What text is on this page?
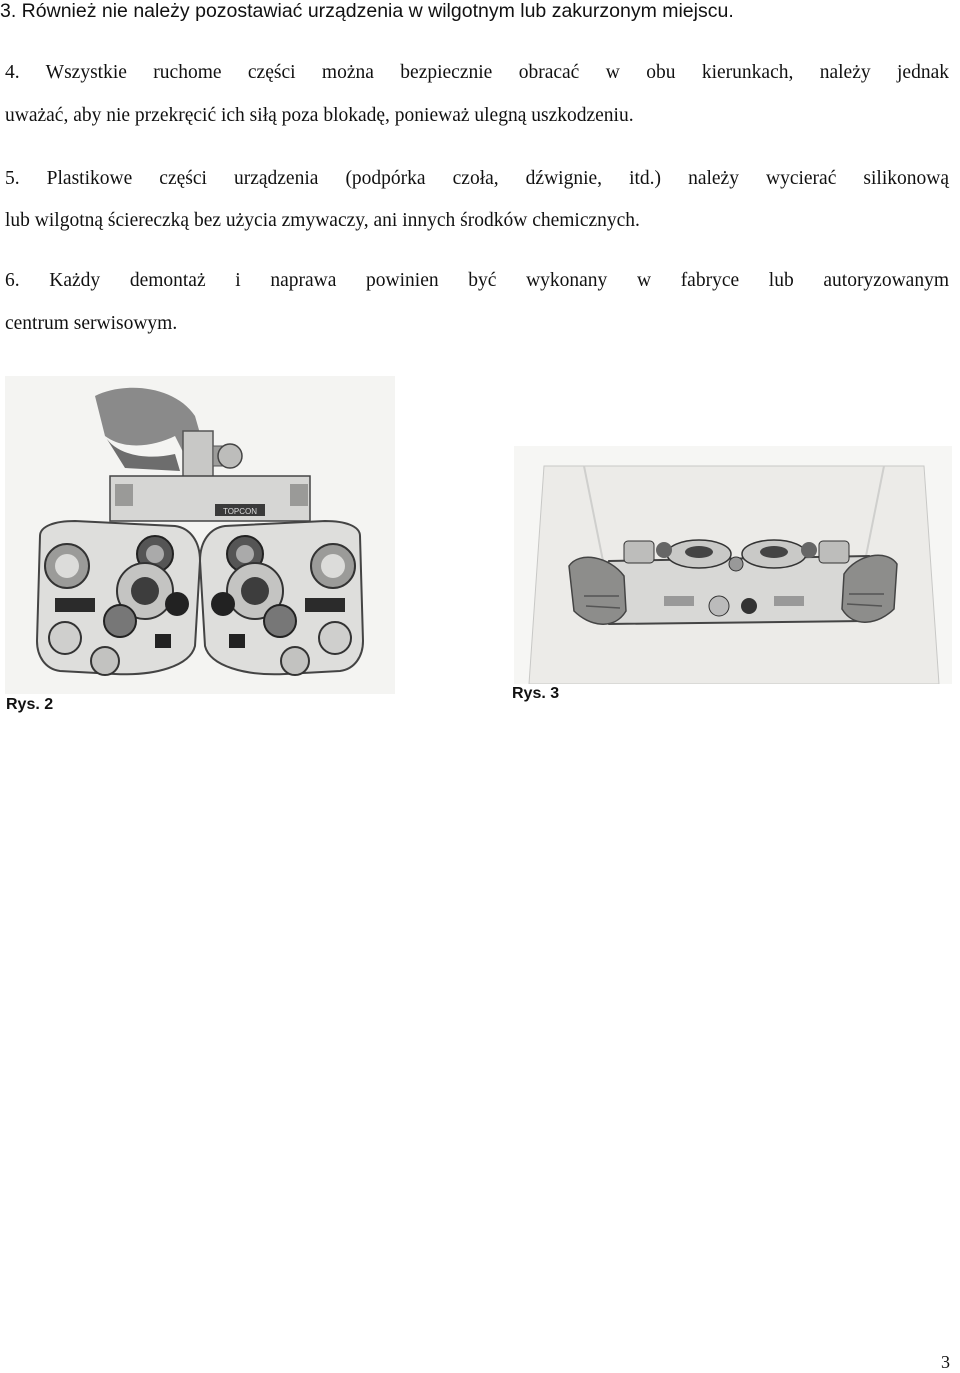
3. Również nie należy pozostawiać urządzenia w wilgotnym lub zakurzonym miejscu.
4. Wszystkie ruchome części można bezpiecznie obracać w obu kierunkach, należy jednak
uważać, aby nie przekręcić ich siłą poza blokadę, ponieważ ulegną uszkodzeniu.
5. Plastikowe części urządzenia (podpórka czoła, dźwignie, itd.) należy wycierać silikonową
lub wilgotną ściereczką bez użycia zmywaczy, ani innych środków chemicznych.
6. Każdy demontaż i naprawa powinien być wykonany w fabryce lub autoryzowanym
centrum serwisowym.
TOPCON
Rys. 2
Rys. 3
3
